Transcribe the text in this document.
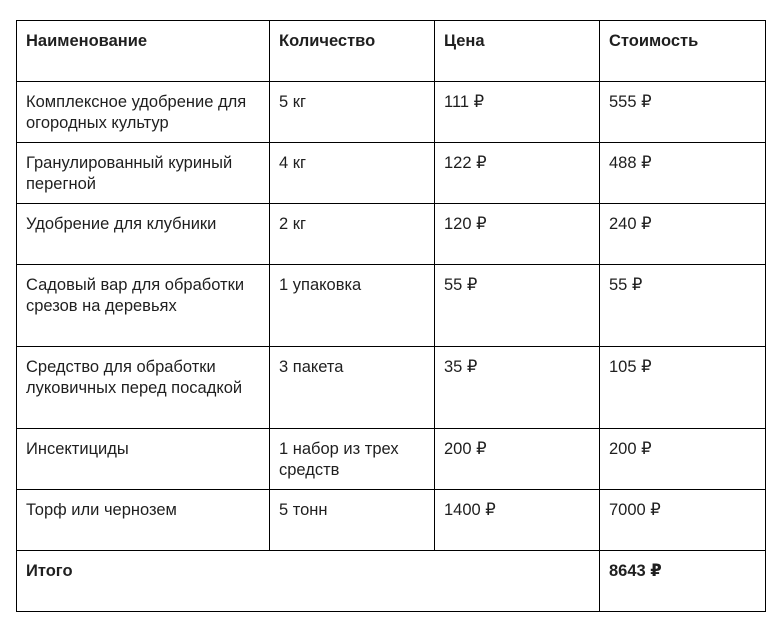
Наименование	Количество	Цена	Стоимость
Комплексное удобрение для огородных культур	5 кг	111 ₽	555 ₽
Гранулированный куриный перегной	4 кг	122 ₽	488 ₽
Удобрение для клубники	2 кг	120 ₽	240 ₽
Садовый вар для обработки срезов на деревьях	1 упаковка	55 ₽	55 ₽
Средство для обработки луковичных перед посадкой	3 пакета	35 ₽	105 ₽
Инсектициды	1 набор из трех средств	200 ₽	200 ₽
Торф или чернозем	5 тонн	1400 ₽	7000 ₽
Итого			8643 ₽
